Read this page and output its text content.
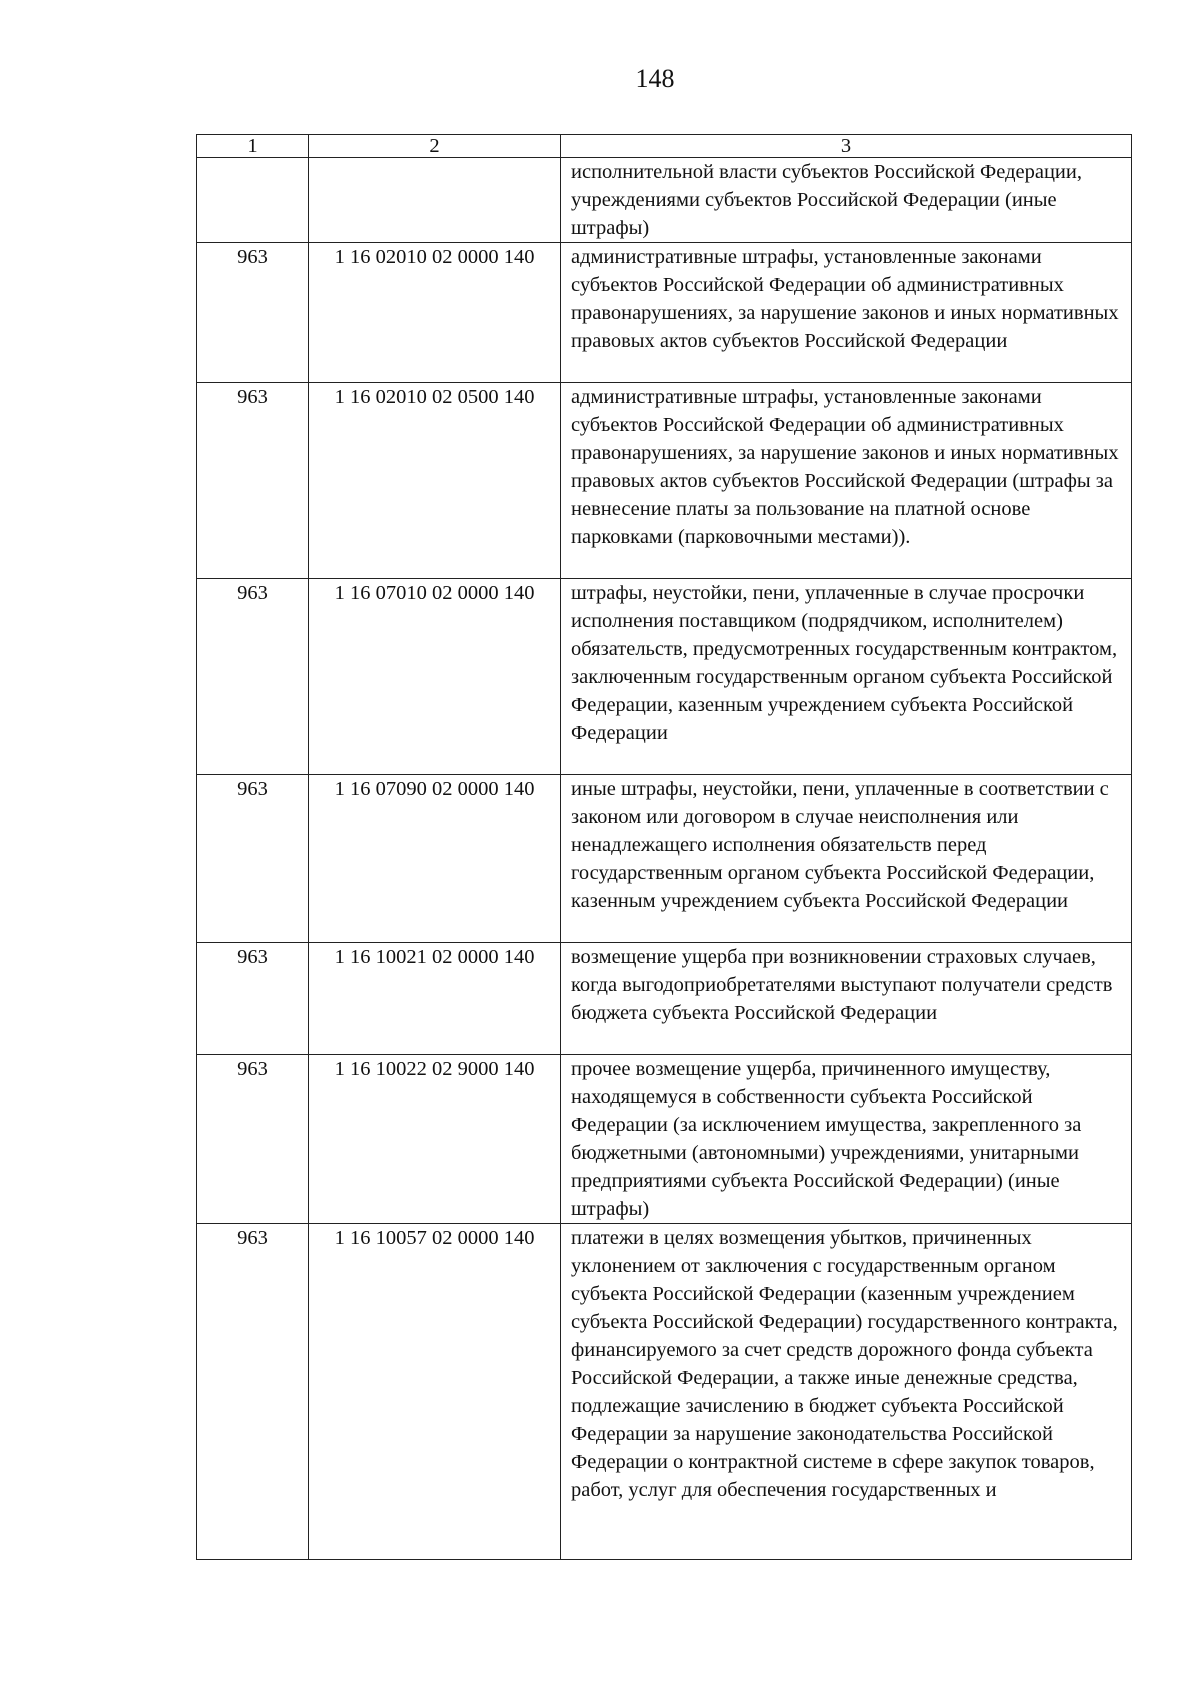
148
1	2	3
		исполнительной власти субъектов Российской Федерации, учреждениями субъектов Российской Федерации (иные штрафы)
963	1 16 02010 02 0000 140	административные штрафы, установленные законами субъектов Российской Федерации об административных правонарушениях, за нарушение законов и иных нормативных правовых актов субъектов Российской Федерации
963	1 16 02010 02 0500 140	административные штрафы, установленные законами субъектов Российской Федерации об административных правонарушениях, за нарушение законов и иных нормативных правовых актов субъектов Российской Федерации (штрафы за невнесение платы за пользование на платной основе парковками (парковочными местами)).
963	1 16 07010 02 0000 140	штрафы, неустойки, пени, уплаченные в случае просрочки исполнения поставщиком (подрядчиком, исполнителем) обязательств, предусмотренных государственным контрактом, заключенным государственным органом субъекта Российской Федерации, казенным учреждением субъекта Российской Федерации
963	1 16 07090 02 0000 140	иные штрафы, неустойки, пени, уплаченные в соответствии с законом или договором в случае неисполнения или ненадлежащего исполнения обязательств перед государственным органом субъекта Российской Федерации, казенным учреждением субъекта Российской Федерации
963	1 16 10021 02 0000 140	возмещение ущерба при возникновении страховых случаев, когда выгодоприобретателями выступают получатели средств бюджета субъекта Российской Федерации
963	1 16 10022 02 9000 140	прочее возмещение ущерба, причиненного имуществу, находящемуся в собственности субъекта Российской Федерации (за исключением имущества, закрепленного за бюджетными (автономными) учреждениями, унитарными предприятиями субъекта Российской Федерации) (иные штрафы)
963	1 16 10057 02 0000 140	платежи в целях возмещения убытков, причиненных уклонением от заключения с государственным органом субъекта Российской Федерации (казенным учреждением субъекта Российской Федерации) государственного контракта, финансируемого за счет средств дорожного фонда субъекта Российской Федерации, а также иные денежные средства, подлежащие зачислению в бюджет субъекта Российской Федерации за нарушение законодательства Российской Федерации о контрактной системе в сфере закупок товаров, работ, услуг для обеспечения государственных и
